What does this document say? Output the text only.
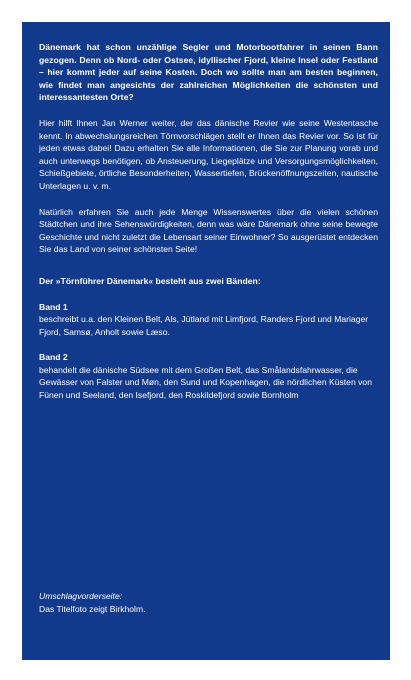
Dänemark hat schon unzählige Segler und Motorbootfahrer in seinen Bann gezogen. Denn ob Nord- oder Ostsee, idyllischer Fjord, kleine Insel oder Festland – hier kommt jeder auf seine Kosten. Doch wo sollte man am besten beginnen, wie findet man angesichts der zahlreichen Möglichkeiten die schönsten und interessantesten Orte?

Hier hilft Ihnen Jan Werner weiter, der das dänische Revier wie seine Westentasche kennt. In abwechslungsreichen Törnvorschlägen stellt er Ihnen das Revier vor. So ist für jeden etwas dabei! Dazu erhalten Sie alle Informationen, die Sie zur Planung vorab und auch unterwegs benötigen, ob Ansteuerung, Liegeplätze und Versorgungsmöglichkeiten, Schießgebiete, örtliche Besonderheiten, Wassertiefen, Brückenöffnungszeiten, nautische Unterlagen u. v. m.

Natürlich erfahren Sie auch jede Menge Wissenswertes über die vielen schönen Städtchen und ihre Sehenswürdigkeiten, denn was wäre Dänemark ohne seine bewegte Geschichte und nicht zuletzt die Lebensart seiner Einwohner? So ausgerüstet entdecken Sie das Land von seiner schönsten Seite!

Der »Törnführer Dänemark« besteht aus zwei Bänden:

Band 1

beschreibt u.a. den Kleinen Belt, Als, Jütland mit Limfjord, Randers Fjord und Mariager Fjord, Samsø, Anholt sowie Læso.

Band 2

behandelt die dänische Südsee mit dem Großen Belt, das Smålandsfahrwasser, die Gewässer von Falster und Møn, den Sund und Kopenhagen, die nördlichen Küsten von Fünen und Seeland, den Isefjord, den Roskildefjord sowie Bornholm

Umschlagvorderseite:

Das Titelfoto zeigt Birkholm.
